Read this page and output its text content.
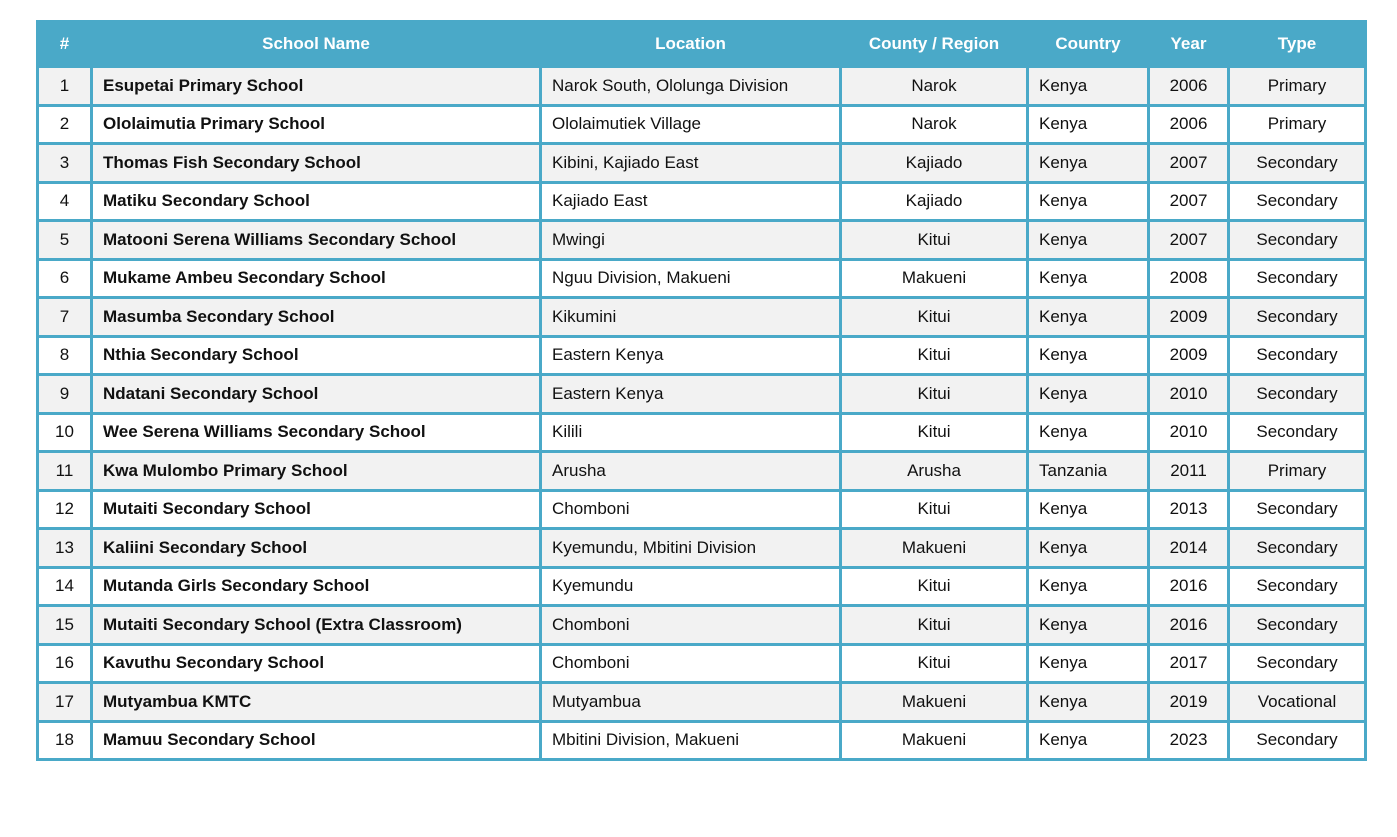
#	School Name	Location	County / Region	Country	Year	Type
1	Esupetai Primary School	Narok South, Ololunga Division	Narok	Kenya	2006	Primary
2	Ololaimutia Primary School	Ololaimutiek Village	Narok	Kenya	2006	Primary
3	Thomas Fish Secondary School	Kibini, Kajiado East	Kajiado	Kenya	2007	Secondary
4	Matiku Secondary School	Kajiado East	Kajiado	Kenya	2007	Secondary
5	Matooni Serena Williams Secondary School	Mwingi	Kitui	Kenya	2007	Secondary
6	Mukame Ambeu Secondary School	Nguu Division, Makueni	Makueni	Kenya	2008	Secondary
7	Masumba Secondary School	Kikumini	Kitui	Kenya	2009	Secondary
8	Nthia Secondary School	Eastern Kenya	Kitui	Kenya	2009	Secondary
9	Ndatani Secondary School	Eastern Kenya	Kitui	Kenya	2010	Secondary
10	Wee Serena Williams Secondary School	Kilili	Kitui	Kenya	2010	Secondary
11	Kwa Mulombo Primary School	Arusha	Arusha	Tanzania	2011	Primary
12	Mutaiti Secondary School	Chomboni	Kitui	Kenya	2013	Secondary
13	Kaliini Secondary School	Kyemundu, Mbitini Division	Makueni	Kenya	2014	Secondary
14	Mutanda Girls Secondary School	Kyemundu	Kitui	Kenya	2016	Secondary
15	Mutaiti Secondary School (Extra Classroom)	Chomboni	Kitui	Kenya	2016	Secondary
16	Kavuthu Secondary School	Chomboni	Kitui	Kenya	2017	Secondary
17	Mutyambua KMTC	Mutyambua	Makueni	Kenya	2019	Vocational
18	Mamuu Secondary School	Mbitini Division, Makueni	Makueni	Kenya	2023	Secondary
